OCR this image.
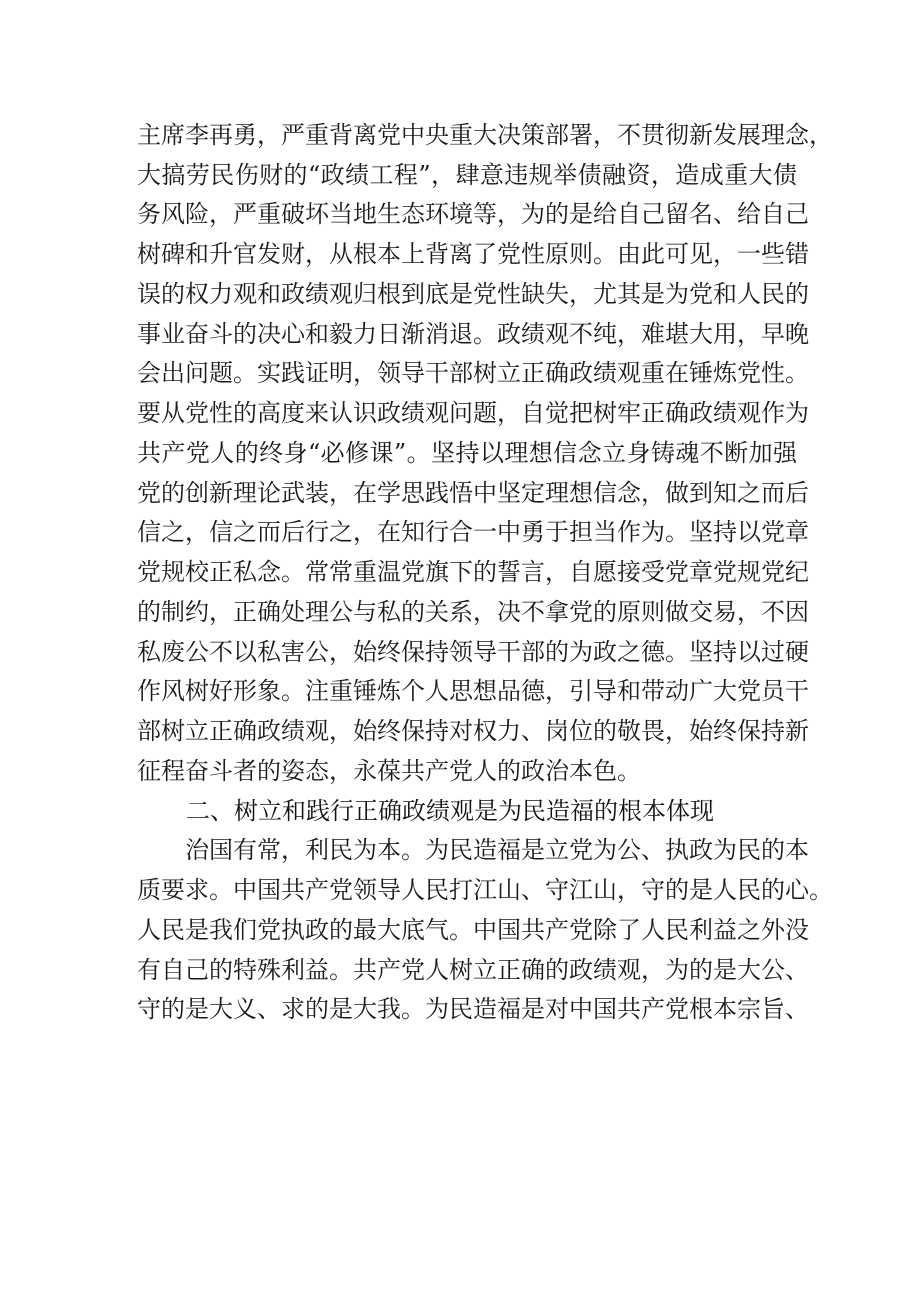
主席李再勇，严重背离党中央重大决策部署，不贯彻新发展理念，
大搞劳民伤财的“政绩工程”，肆意违规举债融资，造成重大债
务风险，严重破坏当地生态环境等，为的是给自己留名、给自己
树碑和升官发财，从根本上背离了党性原则。由此可见，一些错
误的权力观和政绩观归根到底是党性缺失，尤其是为党和人民的
事业奋斗的决心和毅力日渐消退。政绩观不纯，难堪大用，早晚
会出问题。实践证明，领导干部树立正确政绩观重在锤炼党性。
要从党性的高度来认识政绩观问题，自觉把树牢正确政绩观作为
共产党人的终身“必修课”。坚持以理想信念立身铸魂不断加强
党的创新理论武装，在学思践悟中坚定理想信念，做到知之而后
信之，信之而后行之，在知行合一中勇于担当作为。坚持以党章
党规校正私念。常常重温党旗下的誓言，自愿接受党章党规党纪
的制约，正确处理公与私的关系，决不拿党的原则做交易，不因
私废公不以私害公，始终保持领导干部的为政之德。坚持以过硬
作风树好形象。注重锤炼个人思想品德，引导和带动广大党员干
部树立正确政绩观，始终保持对权力、岗位的敬畏，始终保持新
征程奋斗者的姿态，永葆共产党人的政治本色。
二、树立和践行正确政绩观是为民造福的根本体现
　　治国有常，利民为本。为民造福是立党为公、执政为民的本
质要求。中国共产党领导人民打江山、守江山，守的是人民的心。
人民是我们党执政的最大底气。中国共产党除了人民利益之外没
有自己的特殊利益。共产党人树立正确的政绩观，为的是大公、
守的是大义、求的是大我。为民造福是对中国共产党根本宗旨、
